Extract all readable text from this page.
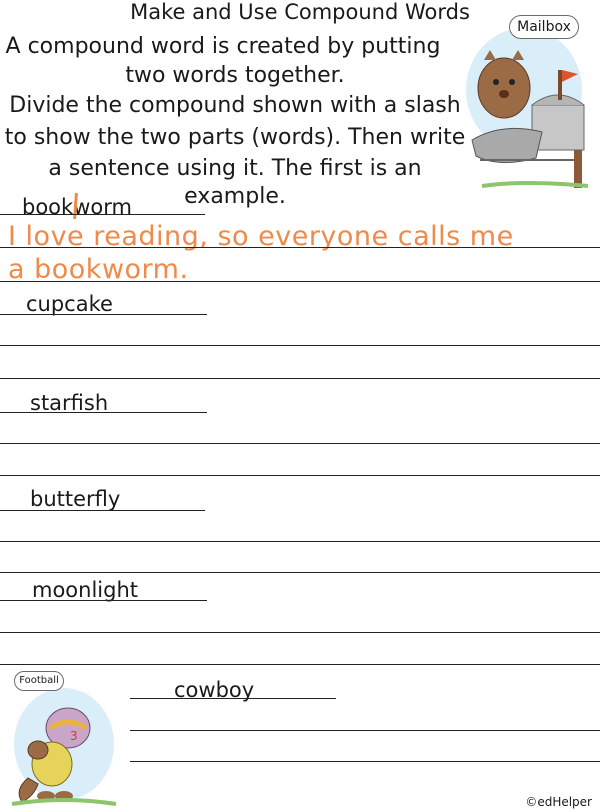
Make and Use Compound Words
A compound word is created by putting
two words together.
Divide the compound shown with a slash
to show the two parts (words). Then write
a sentence using it. The first is an example.
Mailbox
bookworm
I love reading, so everyone calls me
a bookworm.
cupcake
starfish
butterfly
moonlight
3
Football	cowboy
©edHelper
